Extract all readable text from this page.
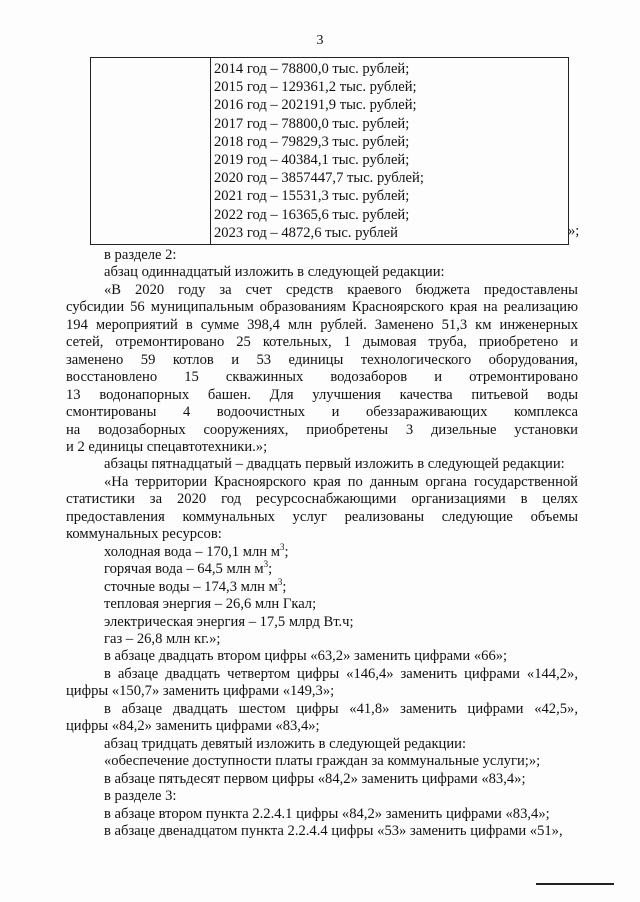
3

2014 год – 78800,0 тыс. рублей;
2015 год – 129361,2 тыс. рублей;
2016 год – 202191,9 тыс. рублей;
2017 год – 78800,0 тыс. рублей;
2018 год – 79829,3 тыс. рублей;
2019 год – 40384,1 тыс. рублей;
2020 год – 3857447,7 тыс. рублей;
2021 год – 15531,3 тыс. рублей;
2022 год – 16365,6 тыс. рублей;
2023 год – 4872,6 тыс. рублей	»;

в разделе 2:

абзац одиннадцатый изложить в следующей редакции:

«В 2020 году за счет средств краевого бюджета предоставлены

субсидии 56 муниципальным образованиям Красноярского края на реализацию

194 мероприятий в сумме 398,4 млн рублей. Заменено 51,3 км инженерных

сетей, отремонтировано 25 котельных, 1 дымовая труба, приобретено и

заменено 59 котлов и 53 единицы технологического оборудования,

восстановлено 15 скважинных водозаборов и отремонтировано

13 водонапорных башен. Для улучшения качества питьевой воды

смонтированы 4 водоочистных и обеззараживающих комплекса

на водозаборных сооружениях, приобретены 3 дизельные установки

и 2 единицы спецавтотехники.»;

абзацы пятнадцатый – двадцать первый изложить в следующей редакции:

«На территории Красноярского края по данным органа государственной

статистики за 2020 год ресурсоснабжающими организациями в целях

предоставления коммунальных услуг реализованы следующие объемы

коммунальных ресурсов:

холодная вода – 170,1 млн $м^3$;

горячая вода – 64,5 млн $м^3$;

сточные воды – 174,3 млн $м^3$;

тепловая энергия – 26,6 млн Гкал;

электрическая энергия – 17,5 млрд Вт.ч;

газ – 26,8 млн кг.»;

в абзаце двадцать втором цифры «63,2» заменить цифрами «66»;

в абзаце двадцать четвертом цифры «146,4» заменить цифрами «144,2»,

цифры «150,7» заменить цифрами «149,3»;

в абзаце двадцать шестом цифры «41,8» заменить цифрами «42,5»,

цифры «84,2» заменить цифрами «83,4»;

абзац тридцать девятый изложить в следующей редакции:

«обеспечение доступности платы граждан за коммунальные услуги;»;

в абзаце пятьдесят первом цифры «84,2» заменить цифрами «83,4»;

в разделе 3:

в абзаце втором пункта 2.2.4.1 цифры «84,2» заменить цифрами «83,4»;

в абзаце двенадцатом пункта 2.2.4.4 цифры «53» заменить цифрами «51»,
